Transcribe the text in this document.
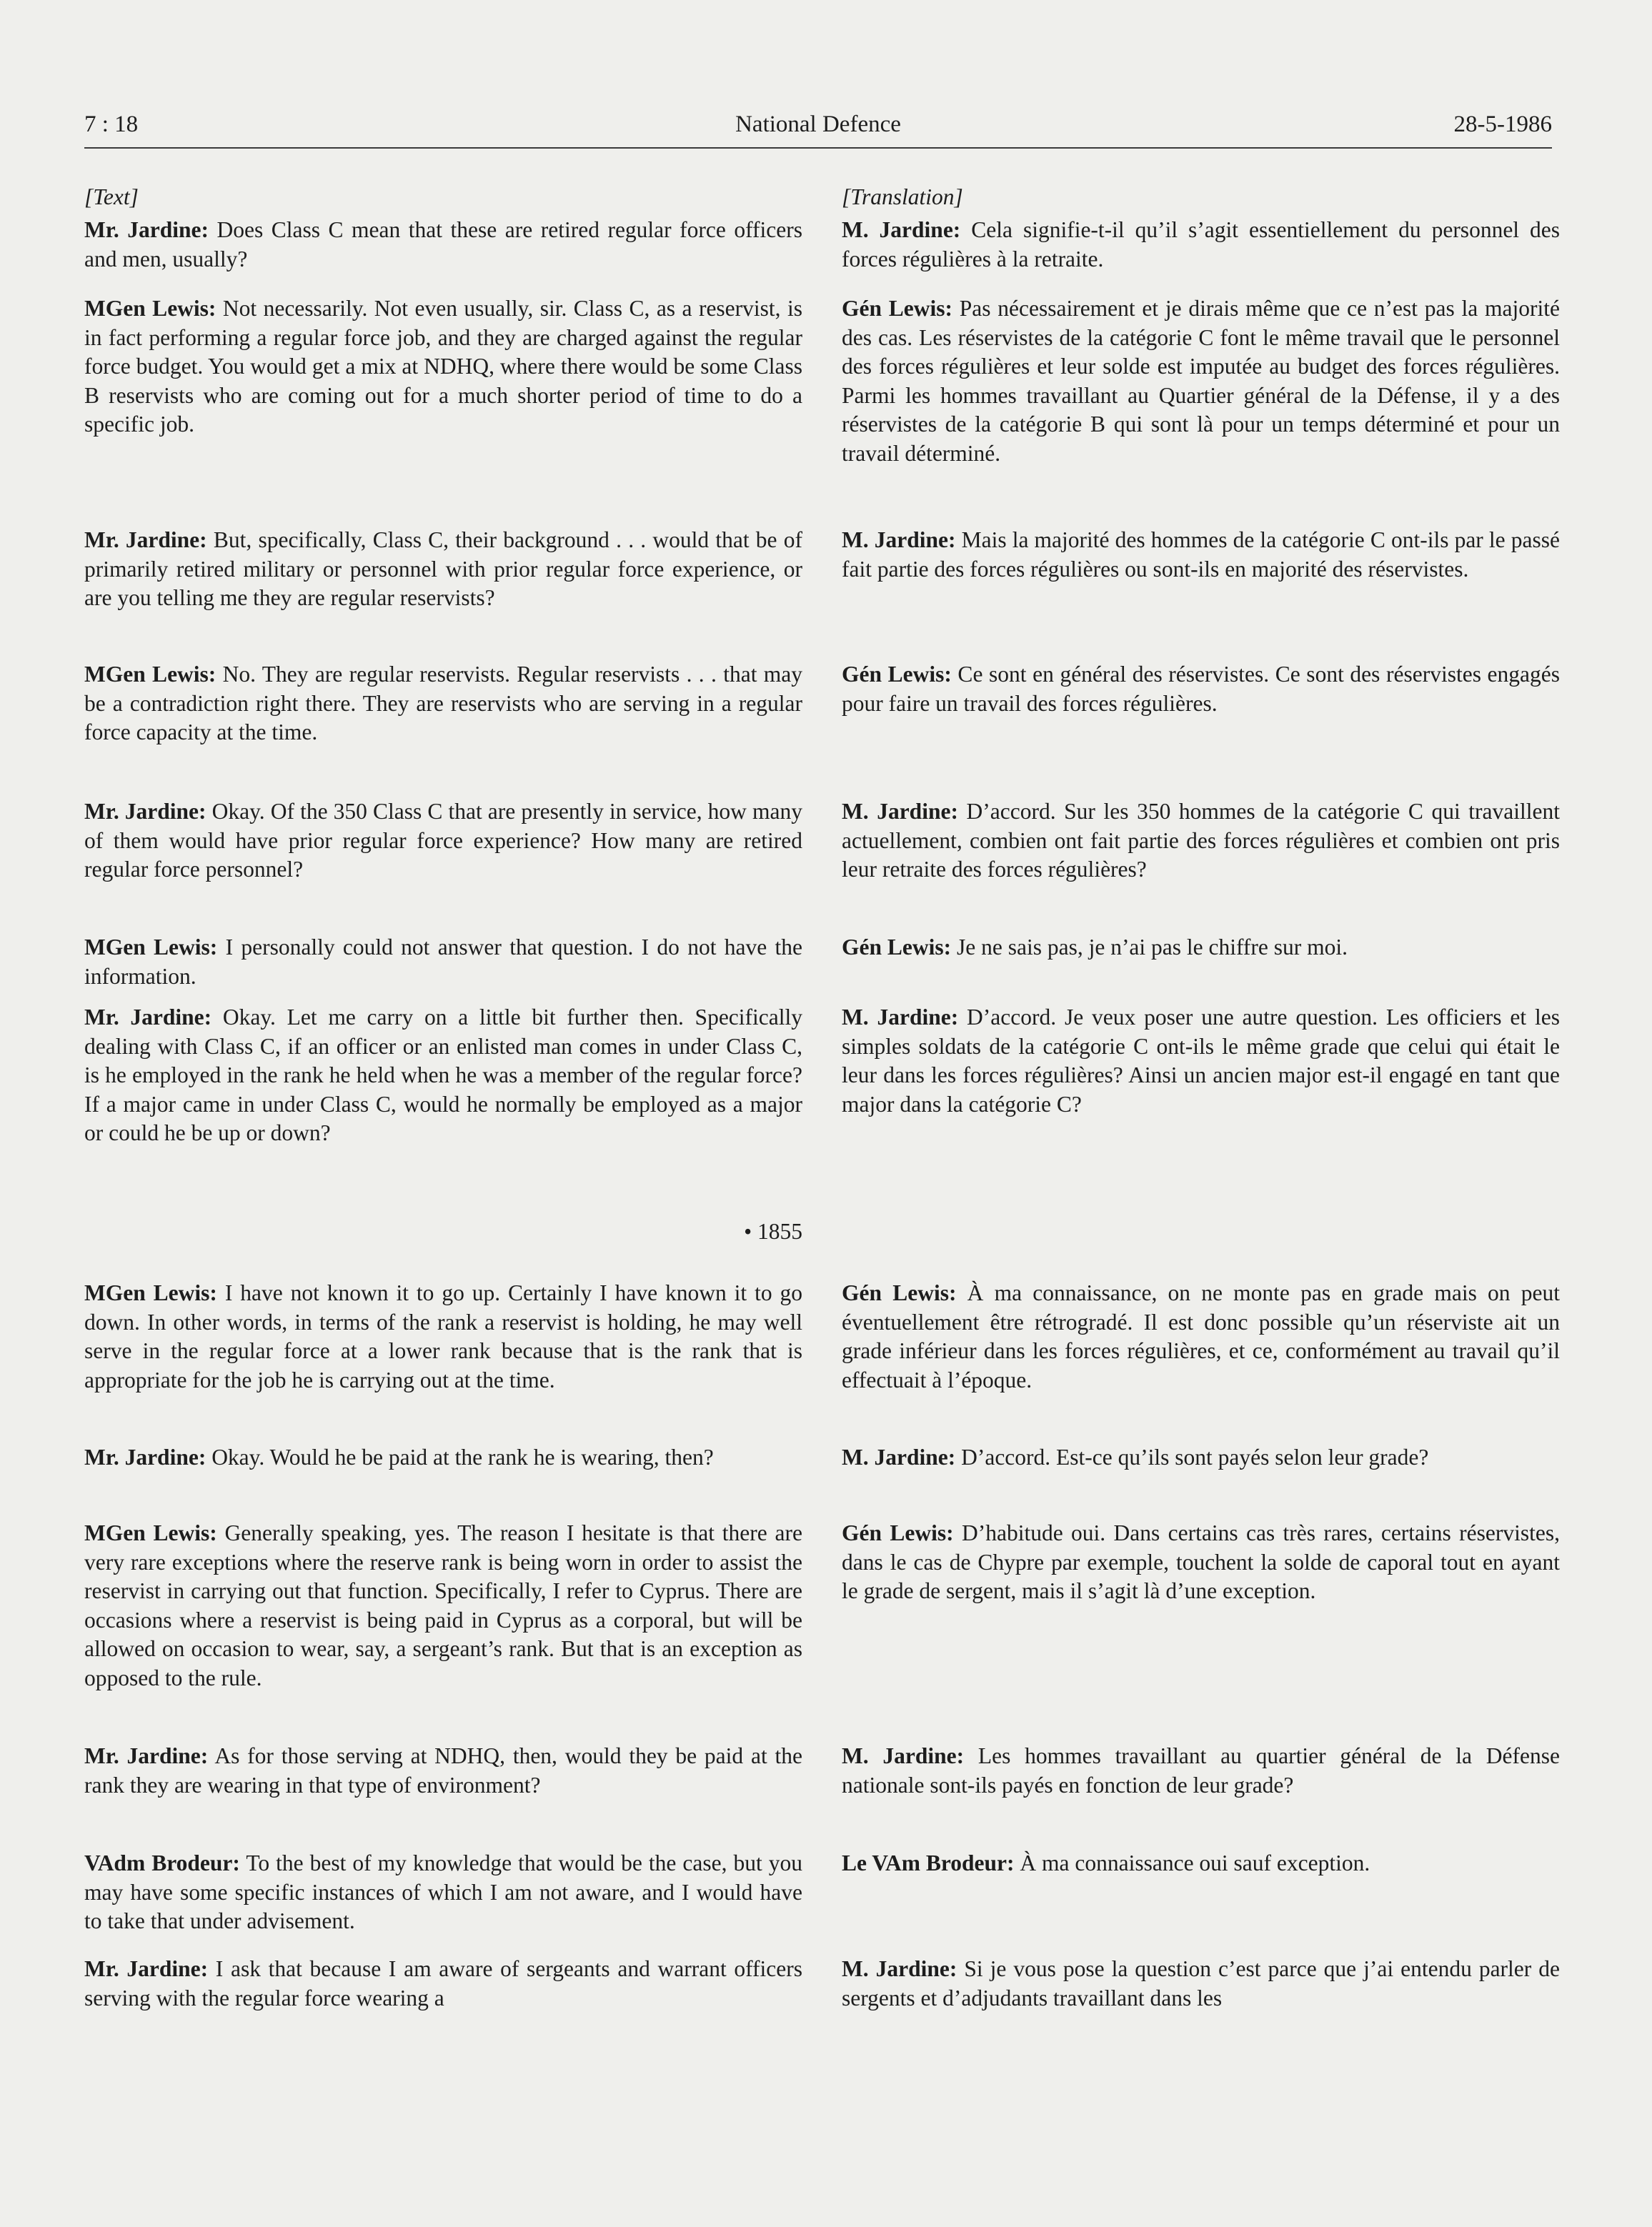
7 : 18	National Defence	28-5-1986
[Text]

Mr. Jardine: Does Class C mean that these are retired regular force officers and men, usually?

MGen Lewis: Not necessarily. Not even usually, sir. Class C, as a reservist, is in fact performing a regular force job, and they are charged against the regular force budget. You would get a mix at NDHQ, where there would be some Class B reservists who are coming out for a much shorter period of time to do a specific job.

Mr. Jardine: But, specifically, Class C, their background . . . would that be of primarily retired military or personnel with prior regular force experience, or are you telling me they are regular reservists?

MGen Lewis: No. They are regular reservists. Regular reservists . . . that may be a contradiction right there. They are reservists who are serving in a regular force capacity at the time.

Mr. Jardine: Okay. Of the 350 Class C that are presently in service, how many of them would have prior regular force experience? How many are retired regular force personnel?

MGen Lewis: I personally could not answer that question. I do not have the information.

Mr. Jardine: Okay. Let me carry on a little bit further then. Specifically dealing with Class C, if an officer or an enlisted man comes in under Class C, is he employed in the rank he held when he was a member of the regular force? If a major came in under Class C, would he normally be employed as a major or could he be up or down?

• 1855

MGen Lewis: I have not known it to go up. Certainly I have known it to go down. In other words, in terms of the rank a reservist is holding, he may well serve in the regular force at a lower rank because that is the rank that is appropriate for the job he is carrying out at the time.

Mr. Jardine: Okay. Would he be paid at the rank he is wearing, then?

MGen Lewis: Generally speaking, yes. The reason I hesitate is that there are very rare exceptions where the reserve rank is being worn in order to assist the reservist in carrying out that function. Specifically, I refer to Cyprus. There are occasions where a reservist is being paid in Cyprus as a corporal, but will be allowed on occasion to wear, say, a sergeant’s rank. But that is an exception as opposed to the rule.

Mr. Jardine: As for those serving at NDHQ, then, would they be paid at the rank they are wearing in that type of environment?

VAdm Brodeur: To the best of my knowledge that would be the case, but you may have some specific instances of which I am not aware, and I would have to take that under advisement.

Mr. Jardine: I ask that because I am aware of sergeants and warrant officers serving with the regular force wearing a

[Translation]

M. Jardine: Cela signifie-t-il qu’il s’agit essentiellement du personnel des forces régulières à la retraite.

Gén Lewis: Pas nécessairement et je dirais même que ce n’est pas la majorité des cas. Les réservistes de la catégorie C font le même travail que le personnel des forces régulières et leur solde est imputée au budget des forces régulières. Parmi les hommes travaillant au Quartier général de la Défense, il y a des réservistes de la catégorie B qui sont là pour un temps déterminé et pour un travail déterminé.

M. Jardine: Mais la majorité des hommes de la catégorie C ont-ils par le passé fait partie des forces régulières ou sont-ils en majorité des réservistes.

Gén Lewis: Ce sont en général des réservistes. Ce sont des réservistes engagés pour faire un travail des forces régulières.

M. Jardine: D’accord. Sur les 350 hommes de la catégorie C qui travaillent actuellement, combien ont fait partie des forces régulières et combien ont pris leur retraite des forces régulières?

Gén Lewis: Je ne sais pas, je n’ai pas le chiffre sur moi.

M. Jardine: D’accord. Je veux poser une autre question. Les officiers et les simples soldats de la catégorie C ont-ils le même grade que celui qui était le leur dans les forces régulières? Ainsi un ancien major est-il engagé en tant que major dans la catégorie C?

Gén Lewis: À ma connaissance, on ne monte pas en grade mais on peut éventuellement être rétrogradé. Il est donc possible qu’un réserviste ait un grade inférieur dans les forces régulières, et ce, conformément au travail qu’il effectuait à l’époque.

M. Jardine: D’accord. Est-ce qu’ils sont payés selon leur grade?

Gén Lewis: D’habitude oui. Dans certains cas très rares, certains réservistes, dans le cas de Chypre par exemple, touchent la solde de caporal tout en ayant le grade de sergent, mais il s’agit là d’une exception.

M. Jardine: Les hommes travaillant au quartier général de la Défense nationale sont-ils payés en fonction de leur grade?

Le VAm Brodeur: À ma connaissance oui sauf exception.

M. Jardine: Si je vous pose la question c’est parce que j’ai entendu parler de sergents et d’adjudants travaillant dans les
